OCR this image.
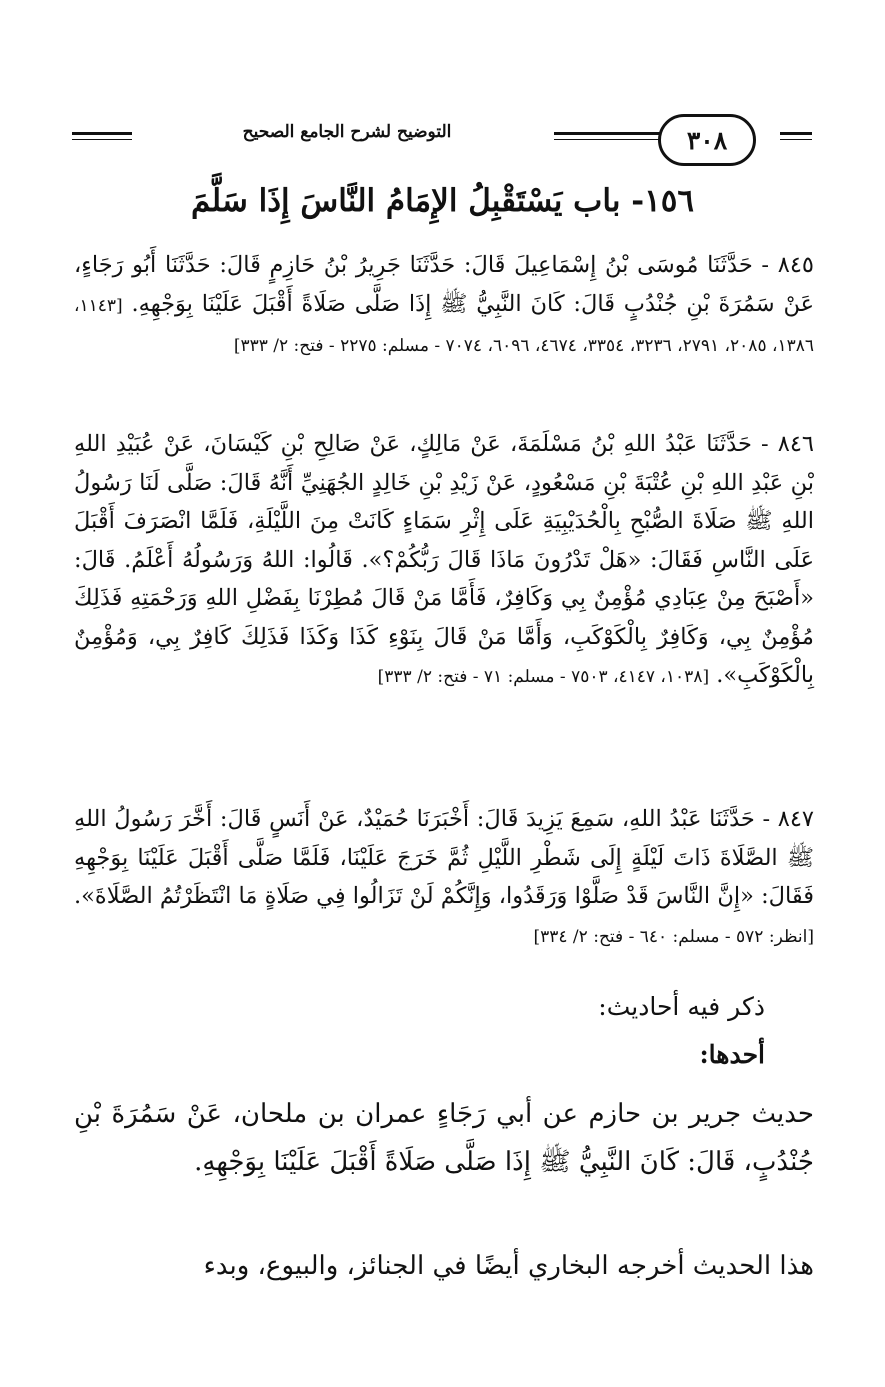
التوضيح لشرح الجامع الصحيح	٣٠٨
١٥٦- باب يَسْتَقْبِلُ الإِمَامُ النَّاسَ إِذَا سَلَّمَ
٨٤٥ - حَدَّثَنَا مُوسَى بْنُ إِسْمَاعِيلَ قَالَ: حَدَّثَنَا جَرِيرُ بْنُ حَازِمٍ قَالَ: حَدَّثَنَا أَبُو رَجَاءٍ، عَنْ سَمُرَةَ بْنِ جُنْدُبٍ قَالَ: كَانَ النَّبِيُّ ﷺ إِذَا صَلَّى صَلَاةً أَقْبَلَ عَلَيْنَا بِوَجْهِهِ. [١١٤٣، ١٣٨٦، ٢٠٨٥، ٢٧٩١، ٣٢٣٦، ٣٣٥٤، ٤٦٧٤، ٦٠٩٦، ٧٠٧٤ - مسلم: ٢٢٧٥ - فتح: ٢/ ٣٣٣]
٨٤٦ - حَدَّثَنَا عَبْدُ اللهِ بْنُ مَسْلَمَةَ، عَنْ مَالِكٍ، عَنْ صَالِحِ بْنِ كَيْسَانَ، عَنْ عُبَيْدِ اللهِ بْنِ عَبْدِ اللهِ بْنِ عُتْبَةَ بْنِ مَسْعُودٍ، عَنْ زَيْدِ بْنِ خَالِدٍ الجُهَنِيِّ أَنَّهُ قَالَ: صَلَّى لَنَا رَسُولُ اللهِ ﷺ صَلَاةَ الصُّبْحِ بِالْحُدَيْبِيَةِ عَلَى إِثْرِ سَمَاءٍ كَانَتْ مِنَ اللَّيْلَةِ، فَلَمَّا انْصَرَفَ أَقْبَلَ عَلَى النَّاسِ فَقَالَ: «هَلْ تَدْرُونَ مَاذَا قَالَ رَبُّكُمْ؟». قَالُوا: اللهُ وَرَسُولُهُ أَعْلَمُ. قَالَ: «أَصْبَحَ مِنْ عِبَادِي مُؤْمِنٌ بِي وَكَافِرٌ، فَأَمَّا مَنْ قَالَ مُطِرْنَا بِفَضْلِ اللهِ وَرَحْمَتِهِ فَذَلِكَ مُؤْمِنٌ بِي، وَكَافِرٌ بِالْكَوْكَبِ، وَأَمَّا مَنْ قَالَ بِنَوْءِ كَذَا وَكَذَا فَذَلِكَ كَافِرٌ بِي، وَمُؤْمِنٌ بِالْكَوْكَبِ». [١٠٣٨، ٤١٤٧، ٧٥٠٣ - مسلم: ٧١ - فتح: ٢/ ٣٣٣]
٨٤٧ - حَدَّثَنَا عَبْدُ اللهِ، سَمِعَ يَزِيدَ قَالَ: أَخْبَرَنَا حُمَيْدٌ، عَنْ أَنَسٍ قَالَ: أَخَّرَ رَسُولُ اللهِ ﷺ الصَّلَاةَ ذَاتَ لَيْلَةٍ إِلَى شَطْرِ اللَّيْلِ ثُمَّ خَرَجَ عَلَيْنَا، فَلَمَّا صَلَّى أَقْبَلَ عَلَيْنَا بِوَجْهِهِ فَقَالَ: «إِنَّ النَّاسَ قَدْ صَلَّوْا وَرَقَدُوا، وَإِنَّكُمْ لَنْ تَزَالُوا فِي صَلَاةٍ مَا انْتَظَرْتُمُ الصَّلَاةَ». [انظر: ٥٧٢ - مسلم: ٦٤٠ - فتح: ٢/ ٣٣٤]
ذكر فيه أحاديث:
أحدها:
حديث جرير بن حازم عن أبي رَجَاءٍ عمران بن ملحان، عَنْ سَمُرَةَ بْنِ جُنْدُبٍ، قَالَ: كَانَ النَّبِيُّ ﷺ إِذَا صَلَّى صَلَاةً أَقْبَلَ عَلَيْنَا بِوَجْهِهِ.
هذا الحديث أخرجه البخاري أيضًا في الجنائز، والبيوع، وبدء
